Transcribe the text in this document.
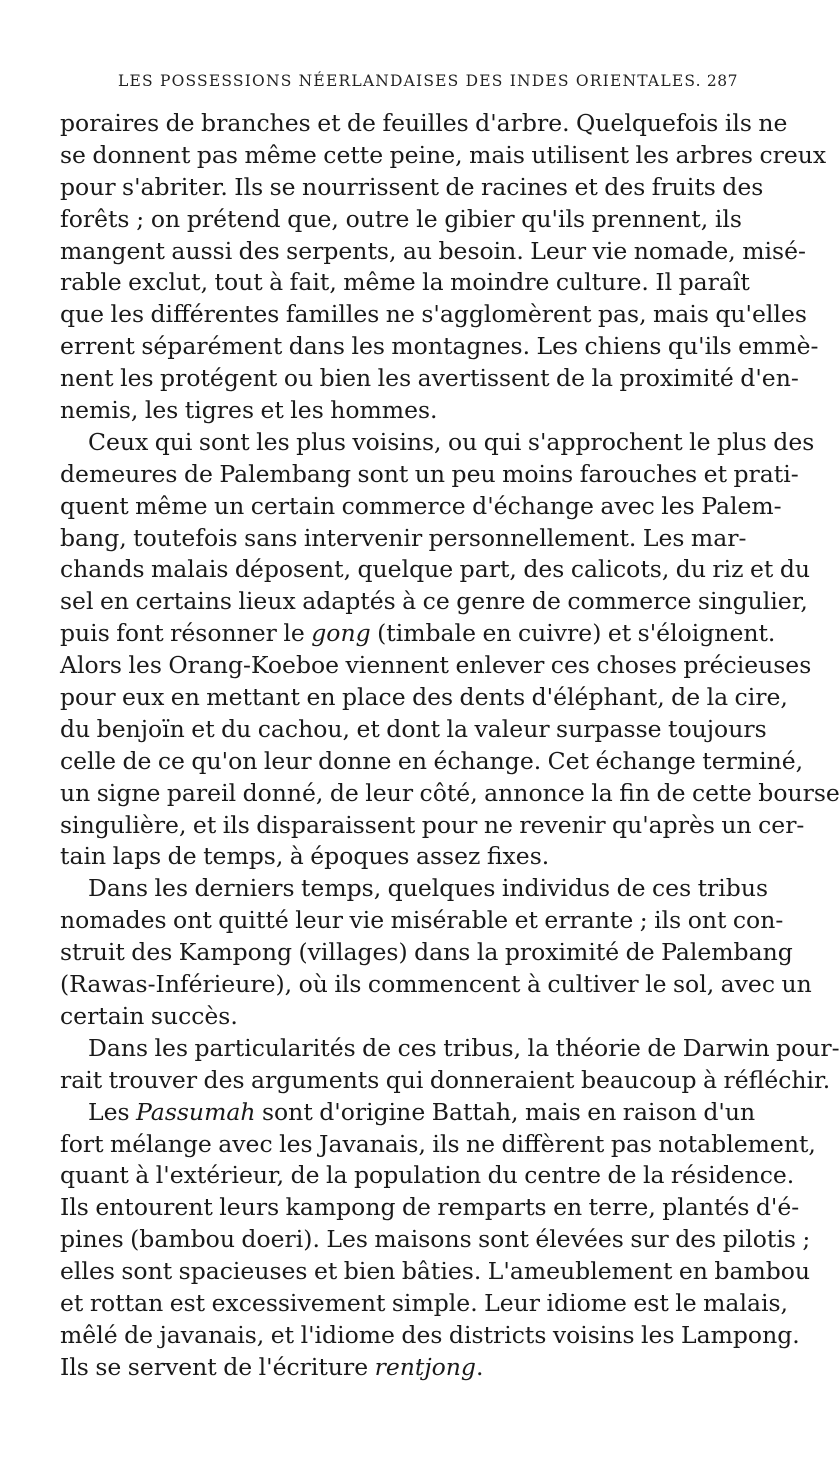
LES POSSESSIONS NÉERLANDAISES DES INDES ORIENTALES. 287
poraires de branches et de feuilles d'arbre. Quelquefois ils ne
se donnent pas même cette peine, mais utilisent les arbres creux
pour s'abriter. Ils se nourrissent de racines et des fruits des
forêts ; on prétend que, outre le gibier qu'ils prennent, ils
mangent aussi des serpents, au besoin. Leur vie nomade, misé-
rable exclut, tout à fait, même la moindre culture. Il paraît
que les différentes familles ne s'agglomèrent pas, mais qu'elles
errent séparément dans les montagnes. Les chiens qu'ils emmè-
nent les protégent ou bien les avertissent de la proximité d'en-
nemis, les tigres et les hommes.
Ceux qui sont les plus voisins, ou qui s'approchent le plus des
demeures de Palembang sont un peu moins farouches et prati-
quent même un certain commerce d'échange avec les Palem-
bang, toutefois sans intervenir personnellement. Les mar-
chands malais déposent, quelque part, des calicots, du riz et du
sel en certains lieux adaptés à ce genre de commerce singulier,
puis font résonner le gong (timbale en cuivre) et s'éloignent.
Alors les Orang-Koeboe viennent enlever ces choses précieuses
pour eux en mettant en place des dents d'éléphant, de la cire,
du benjoïn et du cachou, et dont la valeur surpasse toujours
celle de ce qu'on leur donne en échange. Cet échange terminé,
un signe pareil donné, de leur côté, annonce la fin de cette bourse
singulière, et ils disparaissent pour ne revenir qu'après un cer-
tain laps de temps, à époques assez fixes.
Dans les derniers temps, quelques individus de ces tribus
nomades ont quitté leur vie misérable et errante ; ils ont con-
struit des Kampong (villages) dans la proximité de Palembang
(Rawas-Inférieure), où ils commencent à cultiver le sol, avec un
certain succès.
Dans les particularités de ces tribus, la théorie de Darwin pour-
rait trouver des arguments qui donneraient beaucoup à réfléchir.
Les Passumah sont d'origine Battah, mais en raison d'un
fort mélange avec les Javanais, ils ne diffèrent pas notablement,
quant à l'extérieur, de la population du centre de la résidence.
Ils entourent leurs kampong de remparts en terre, plantés d'é-
pines (bambou doeri). Les maisons sont élevées sur des pilotis ;
elles sont spacieuses et bien bâties. L'ameublement en bambou
et rottan est excessivement simple. Leur idiome est le malais,
mêlé de javanais, et l'idiome des districts voisins les Lampong.
Ils se servent de l'écriture rentjong.
